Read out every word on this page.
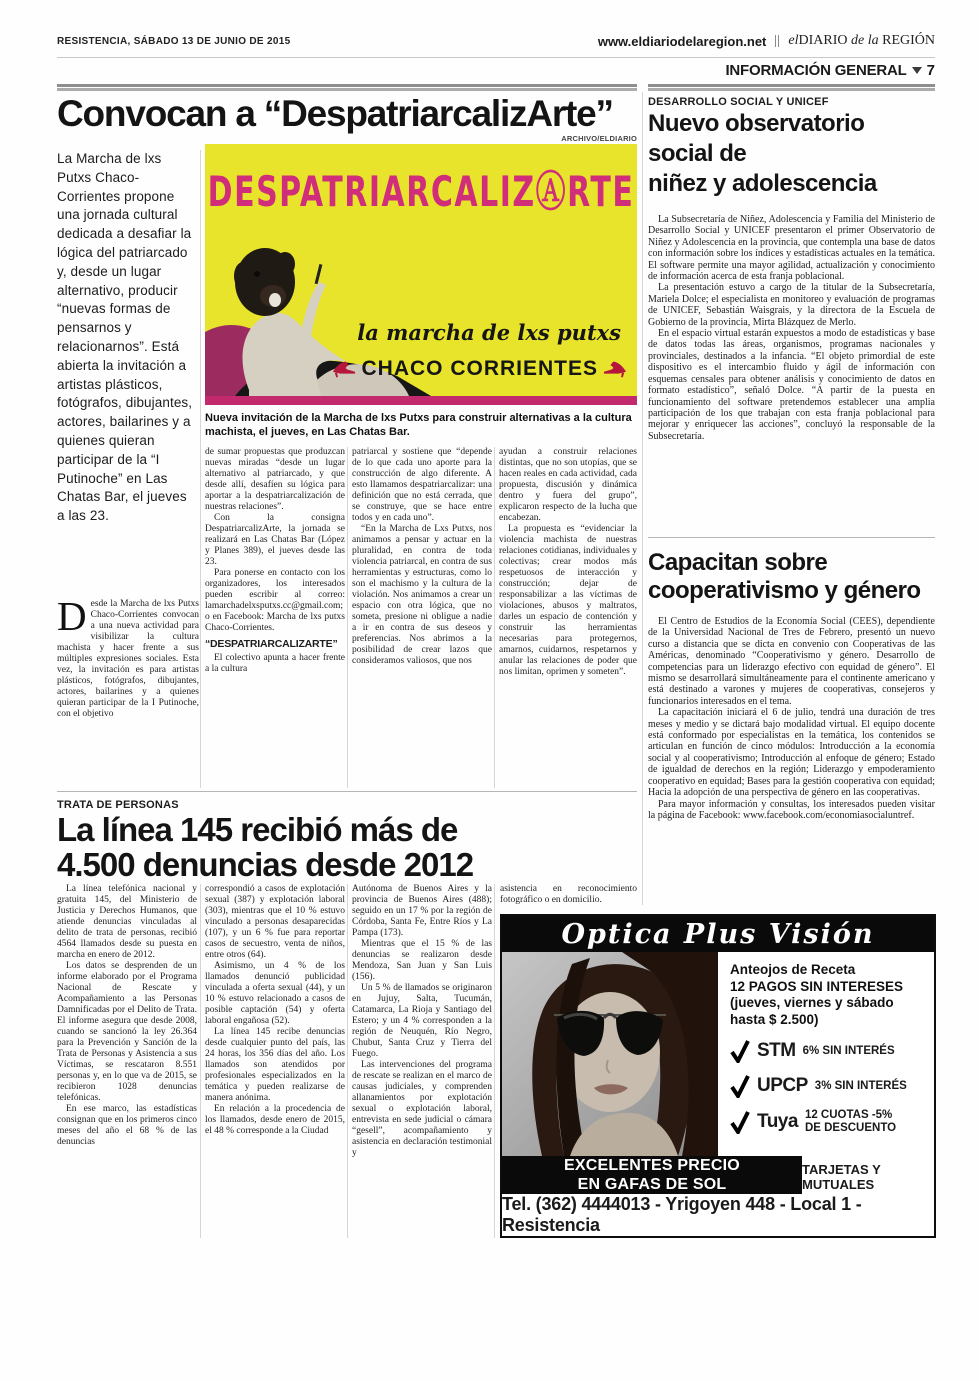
RESISTENCIA, SÁBADO 13 DE JUNIO DE 2015	www.eldiariodelaregion.net elDIARIO de la REGIÓN
INFORMACIÓN GENERAL 7
Convocan a “DespatriarcalizArte”
ARCHIVO/ELDIARIO
DESPATRIARCALIZⒶRTE
la marcha de lxs putxs
CHACO CORRIENTES
La Marcha de lxs Putxs Chaco-Corrientes propone una jornada cultural dedicada a desafiar la lógica del patriarcado y, desde un lugar alternativo, producir “nuevas formas de pensarnos y relacionarnos”. Está abierta la invitación a artistas plásticos, fotógrafos, dibujantes, actores, bailarines y a quienes quieran participar de la “I Putinoche” en Las Chatas Bar, el jueves a las 23.
Nueva invitación de la Marcha de lxs Putxs para construir alternativas a la cultura machista, el jueves, en Las Chatas Bar.
Desde la Marcha de lxs Putxs Chaco-Corrientes convocan a una nueva actividad para visibilizar la cultura machista y hacer frente a sus múltiples expresiones sociales. Esta vez, la invitación es para artistas plásticos, fotógrafos, dibujantes, actores, bailarines y a quienes quieran participar de la I Putinoche, con el objetivo
de sumar propuestas que produzcan nuevas miradas “desde un lugar alternativo al patriarcado, y que desde allí, desafíen su lógica para aportar a la despatriarcalización de nuestras relaciones”.
Con la consigna DespatriarcalizArte, la jornada se realizará en Las Chatas Bar (López y Planes 389), el jueves desde las 23.
Para ponerse en contacto con los organizadores, los interesados pueden escribir al correo: lamarchadelxsputxs.cc@gmail.com; o en Facebook: Marcha de lxs putxs Chaco-Corrientes.
“DESPATRIARCALIZARTE”
El colectivo apunta a hacer frente a la cultura
patriarcal y sostiene que “depende de lo que cada uno aporte para la construcción de algo diferente. A esto llamamos despatriarcalizar: una definición que no está cerrada, que se construye, que se hace entre todos y en cada uno”.
“En la Marcha de Lxs Putxs, nos animamos a pensar y actuar en la pluralidad, en contra de toda violencia patriarcal, en contra de sus herramientas y estructuras, como lo son el machismo y la cultura de la violación. Nos animamos a crear un espacio con otra lógica, que no someta, presione ni obligue a nadie a ir en contra de sus deseos y preferencias. Nos abrimos a la posibilidad de crear lazos que consideramos valiosos, que nos
ayudan a construir relaciones distintas, que no son utopías, que se hacen reales en cada actividad, cada propuesta, discusión y dinámica dentro y fuera del grupo”, explicaron respecto de la lucha que encabezan.
La propuesta es “evidenciar la violencia machista de nuestras relaciones cotidianas, individuales y colectivas; crear modos más respetuosos de interacción y construcción; dejar de responsabilizar a las víctimas de violaciones, abusos y maltratos, darles un espacio de contención y construir las herramientas necesarias para protegernos, amarnos, cuidarnos, respetarnos y anular las relaciones de poder que nos limitan, oprimen y someten”.
TRATA DE PERSONAS
La línea 145 recibió más de
4.500 denuncias desde 2012
La línea telefónica nacional y gratuita 145, del Ministerio de Justicia y Derechos Humanos, que atiende denuncias vinculadas al delito de trata de personas, recibió 4564 llamados desde su puesta en marcha en enero de 2012.
Los datos se desprenden de un informe elaborado por el Programa Nacional de Rescate y Acompañamiento a las Personas Damnificadas por el Delito de Trata. El informe asegura que desde 2008, cuando se sancionó la ley 26.364 para la Prevención y Sanción de la Trata de Personas y Asistencia a sus Víctimas, se rescataron 8.551 personas y, en lo que va de 2015, se recibieron 1028 denuncias telefónicas.
En ese marco, las estadísticas consignan que en los primeros cinco meses del año el 68 % de las denuncias
correspondió a casos de explotación sexual (387) y explotación laboral (303), mientras que el 10 % estuvo vinculado a personas desaparecidas (107), y un 6 % fue para reportar casos de secuestro, venta de niños, entre otros (64).
Asimismo, un 4 % de los llamados denunció publicidad vinculada a oferta sexual (44), y un 10 % estuvo relacionado a casos de posible captación (54) y oferta laboral engañosa (52).
La línea 145 recibe denuncias desde cualquier punto del país, las 24 horas, los 356 días del año. Los llamados son atendidos por profesionales especializados en la temática y pueden realizarse de manera anónima.
En relación a la procedencia de los llamados, desde enero de 2015, el 48 % corresponde a la Ciudad
Autónoma de Buenos Aires y la provincia de Buenos Aires (488); seguido en un 17 % por la región de Córdoba, Santa Fe, Entre Ríos y La Pampa (173).
Mientras que el 15 % de las denuncias se realizaron desde Mendoza, San Juan y San Luis (156).
Un 5 % de llamados se originaron en Jujuy, Salta, Tucumán, Catamarca, La Rioja y Santiago del Estero; y un 4 % corresponden a la región de Neuquén, Río Negro, Chubut, Santa Cruz y Tierra del Fuego.
Las intervenciones del programa de rescate se realizan en el marco de causas judiciales, y comprenden allanamientos por explotación sexual o explotación laboral, entrevista en sede judicial o cámara “gesell”, acompañamiento y asistencia en declaración testimonial y
asistencia en reconocimiento fotográfico o en domicilio.
DESARROLLO SOCIAL Y UNICEF
Nuevo observatorio
social de
niñez y adolescencia
La Subsecretaría de Niñez, Adolescencia y Familia del Ministerio de Desarrollo Social y UNICEF presentaron el primer Observatorio de Niñez y Adolescencia en la provincia, que contempla una base de datos con información sobre los índices y estadísticas actuales en la temática. El software permite una mayor agilidad, actualización y conocimiento de información acerca de esta franja poblacional.
La presentación estuvo a cargo de la titular de la Subsecretaría, Mariela Dolce; el especialista en monitoreo y evaluación de programas de UNICEF, Sebastián Waisgrais, y la directora de la Escuela de Gobierno de la provincia, Mirta Blázquez de Merlo.
En el espacio virtual estarán expuestos a modo de estadísticas y base de datos todas las áreas, organismos, programas nacionales y provinciales, destinados a la infancia. “El objeto primordial de este dispositivo es el intercambio fluido y ágil de información con esquemas censales para obtener análisis y conocimiento de datos en formato estadístico”, señaló Dolce. “A partir de la puesta en funcionamiento del software pretendemos establecer una amplia participación de los que trabajan con esta franja poblacional para mejorar y enriquecer las acciones”, concluyó la responsable de la Subsecretaría.
Capacitan sobre
cooperativismo y género
El Centro de Estudios de la Economía Social (CEES), dependiente de la Universidad Nacional de Tres de Febrero, presentó un nuevo curso a distancia que se dicta en convenio con Cooperativas de las Américas, denominado “Cooperativismo y género. Desarrollo de competencias para un liderazgo efectivo con equidad de género”. El mismo se desarrollará simultáneamente para el continente americano y está destinado a varones y mujeres de cooperativas, consejeros y funcionarios interesados en el tema.
La capacitación iniciará el 6 de julio, tendrá una duración de tres meses y medio y se dictará bajo modalidad virtual. El equipo docente está conformado por especialistas en la temática, los contenidos se articulan en función de cinco módulos: Introducción a la economía social y al cooperativismo; Introducción al enfoque de género; Estado de igualdad de derechos en la región; Liderazgo y empoderamiento cooperativo en equidad; Bases para la gestión cooperativa con equidad; Hacia la adopción de una perspectiva de género en las cooperativas.
Para mayor información y consultas, los interesados pueden visitar la página de Facebook: www.facebook.com/economiasocialuntref.
Optica Plus Visión
Anteojos de Receta
12 PAGOS SIN INTERESES
(jueves, viernes y sábado
hasta $ 2.500)
STM 6% SIN INTERÉS
UPCP 3% SIN INTERÉS
Tuya 12 CUOTAS -5% DE DESCUENTO
EXCELENTES PRECIO
EN GAFAS DE SOL
TARJETAS Y MUTUALES
Tel. (362) 4444013 - Yrigoyen 448 - Local 1 - Resistencia
